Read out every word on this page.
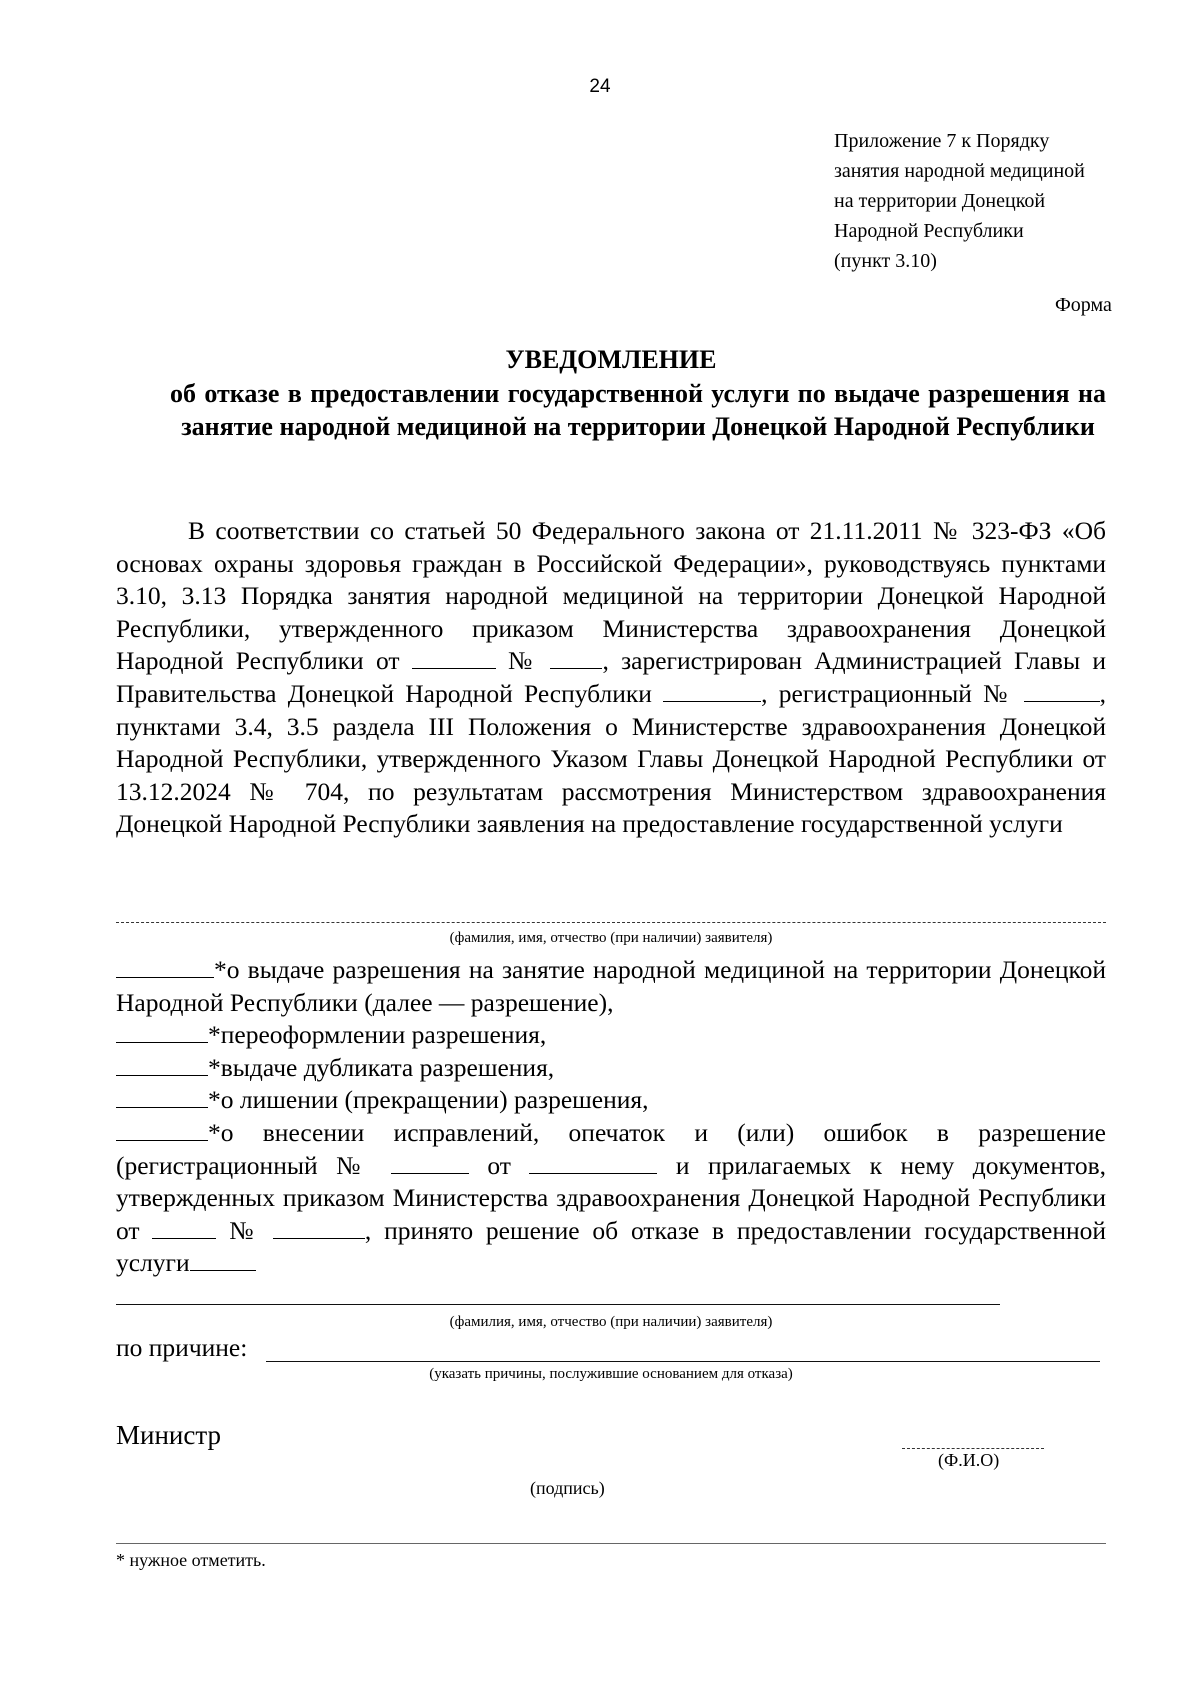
24
Приложение 7 к Порядку
занятия народной медициной
на территории Донецкой
Народной Республики
(пункт 3.10)
Форма
УВЕДОМЛЕНИЕ
об отказе в предоставлении государственной услуги по выдаче разрешения на занятие народной медициной на территории Донецкой Народной Республики
В соответствии со статьей 50 Федерального закона от 21.11.2011 № 323-ФЗ «Об основах охраны здоровья граждан в Российской Федерации», руководствуясь пунктами 3.10, 3.13 Порядка занятия народной медициной на территории Донецкой Народной Республики, утвержденного приказом Министерства здравоохранения Донецкой Народной Республики от	№	, зарегистрирован Администрацией Главы и Правительства Донецкой Народной Республики	, регистрационный №	, пунктами 3.4, 3.5 раздела III Положения о Министерстве здравоохранения Донецкой Народной Республики, утвержденного Указом Главы Донецкой Народной Республики от 13.12.2024 № 704, по результатам рассмотрения Министерством здравоохранения Донецкой Народной Республики заявления на предоставление государственной услуги
(фамилия, имя, отчество (при наличии) заявителя)

*о выдаче разрешения на занятие народной медициной на территории Донецкой Народной Республики (далее — разрешение),

*переоформлении разрешения,

*выдаче дубликата разрешения,

*о лишении (прекращении) разрешения,

*о внесении исправлений, опечаток и (или) ошибок в разрешение (регистрационный №	от	и прилагаемых к нему документов, утвержденных приказом Министерства здравоохранения Донецкой Народной Республики от	№	, принято решение об отказе в предоставлении государственной услуги

(фамилия, имя, отчество (при наличии) заявителя)
по причине:
(указать причины, послужившие основанием для отказа)
Министр
(Ф.И.О)
(подпись)
* нужное отметить.
